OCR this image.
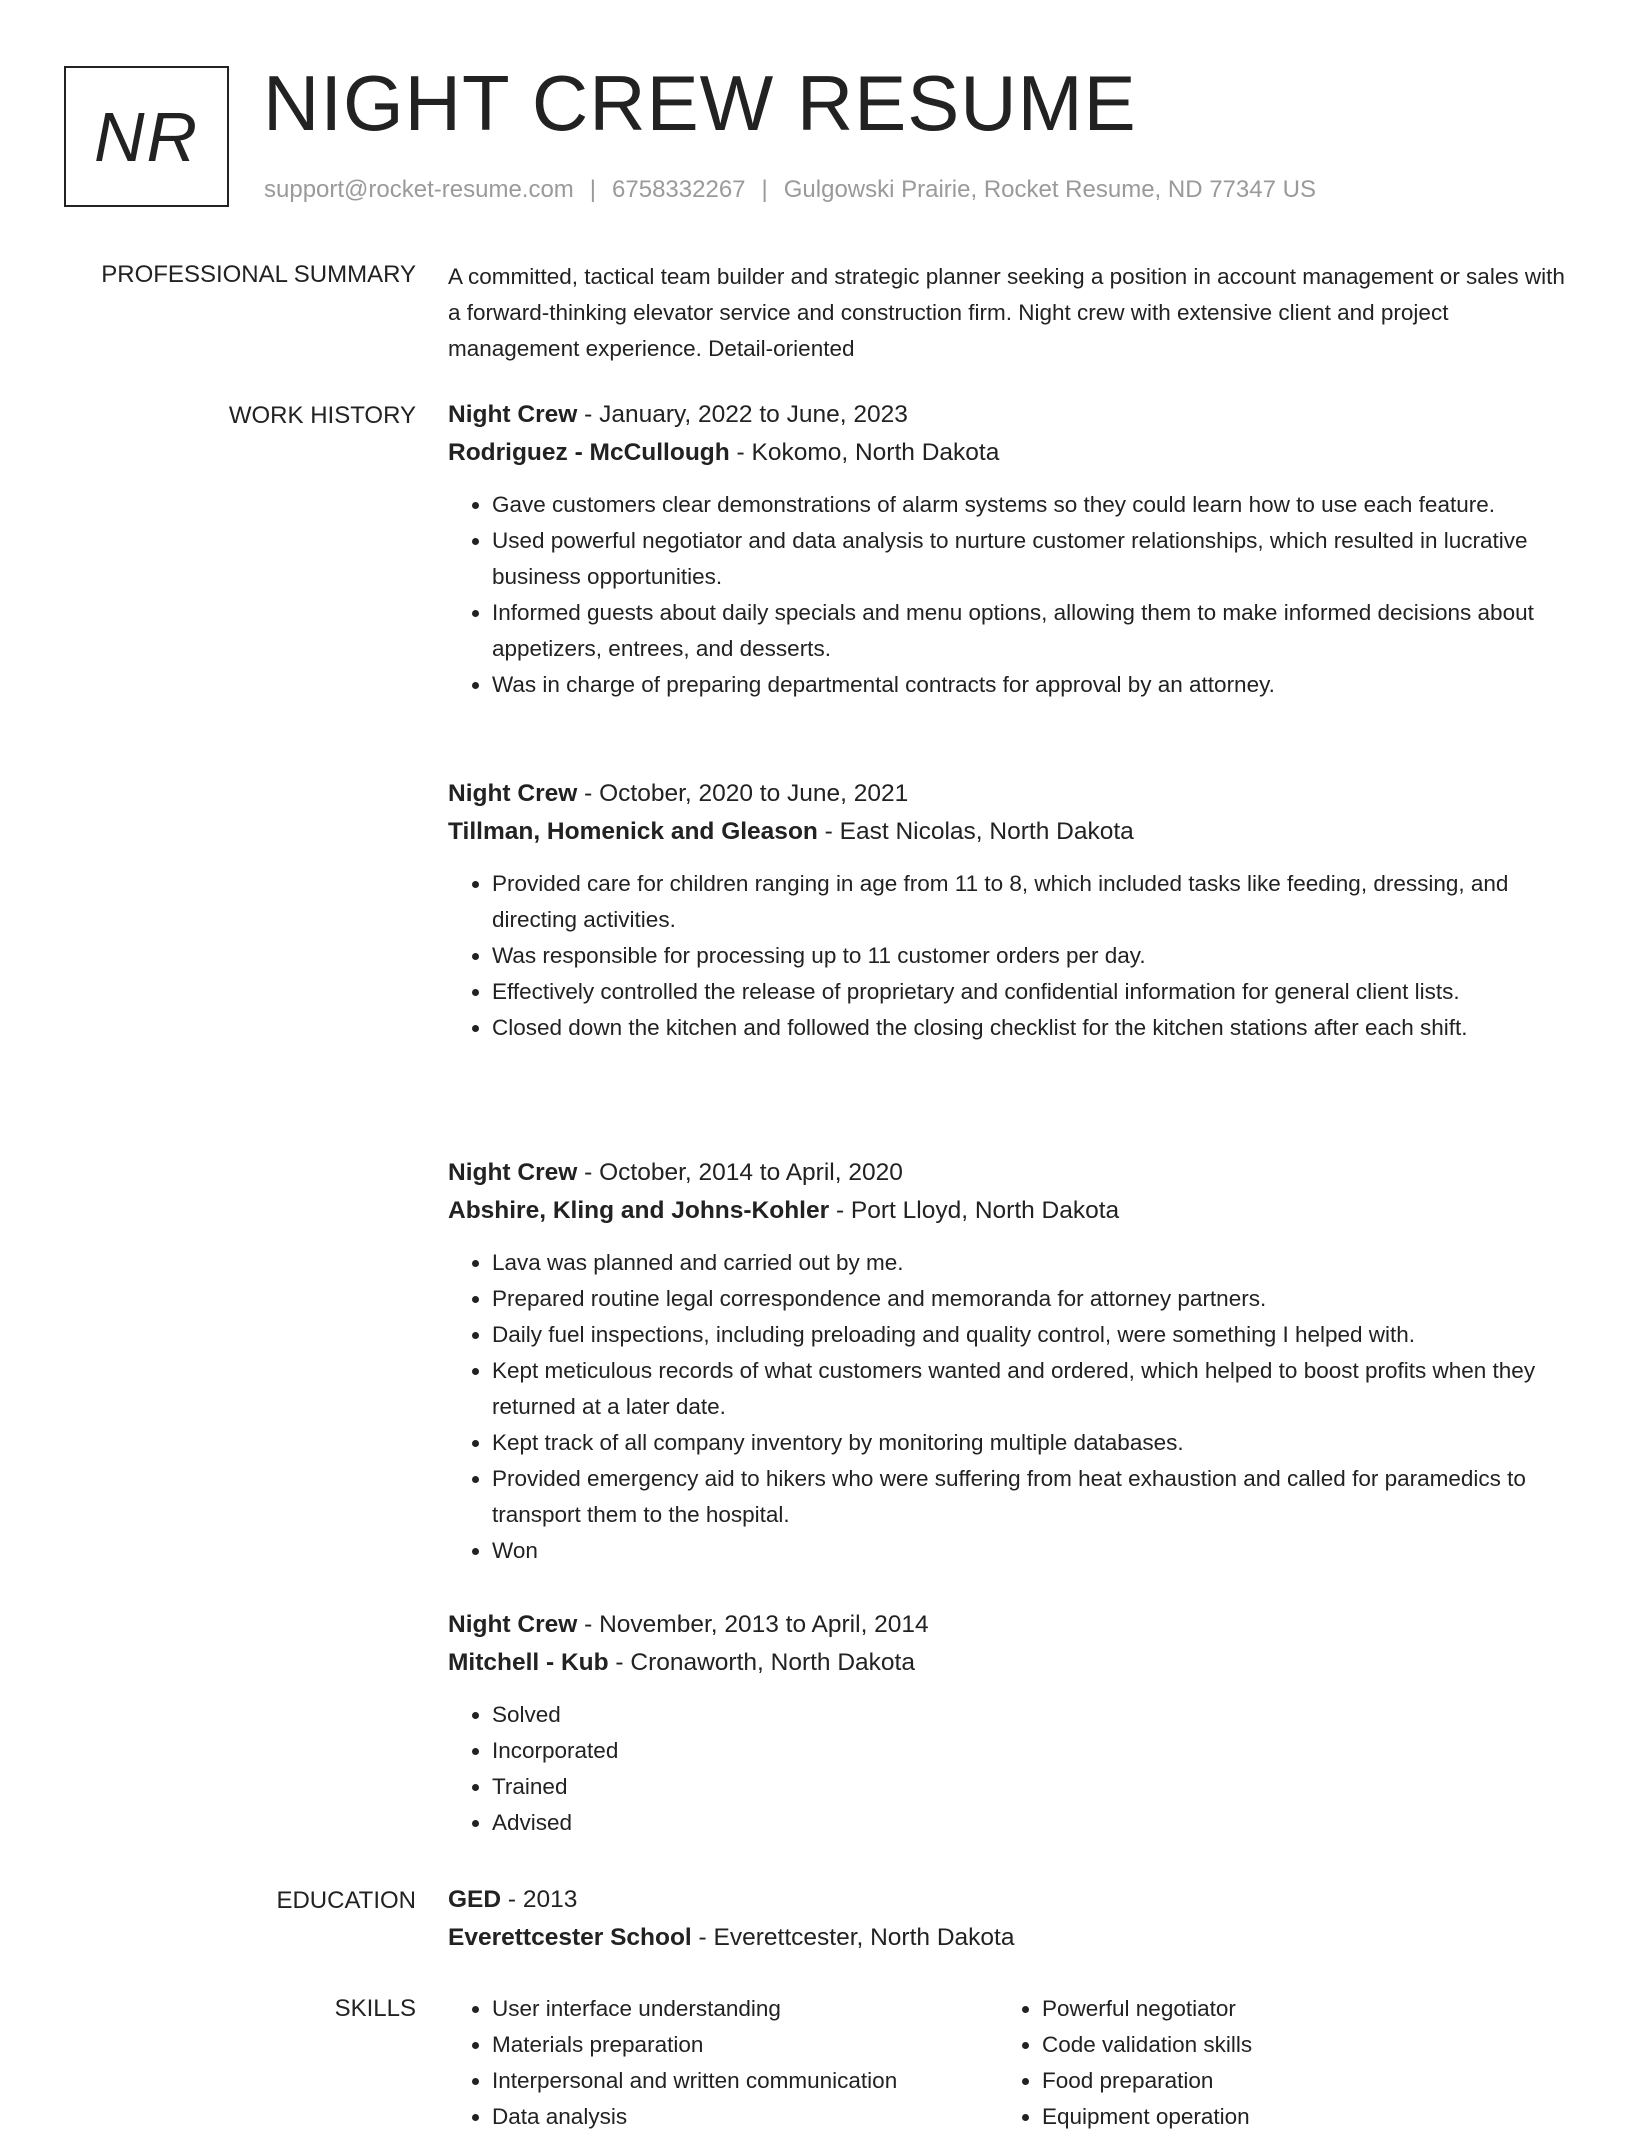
NR NIGHT CREW RESUME
support@rocket-resume.com | 6758332267 | Gulgowski Prairie, Rocket Resume, ND 77347 US
PROFESSIONAL SUMMARY A committed, tactical team builder and strategic planner seeking a position in account management or sales with a forward-thinking elevator service and construction firm. Night crew with extensive client and project management experience. Detail-oriented

WORK HISTORY Night Crew - January, 2022 to June, 2023
Rodriguez - McCullough - Kokomo, North Dakota
• Gave customers clear demonstrations of alarm systems so they could learn how to use each feature.
• Used powerful negotiator and data analysis to nurture customer relationships, which resulted in lucrative business opportunities.
• Informed guests about daily specials and menu options, allowing them to make informed decisions about appetizers, entrees, and desserts.
• Was in charge of preparing departmental contracts for approval by an attorney.
Night Crew - October, 2020 to June, 2021
Tillman, Homenick and Gleason - East Nicolas, North Dakota
• Provided care for children ranging in age from 11 to 8, which included tasks like feeding, dressing, and directing activities.
• Was responsible for processing up to 11 customer orders per day.
• Effectively controlled the release of proprietary and confidential information for general client lists.
• Closed down the kitchen and followed the closing checklist for the kitchen stations after each shift.
Night Crew - October, 2014 to April, 2020
Abshire, Kling and Johns-Kohler - Port Lloyd, North Dakota
• Lava was planned and carried out by me.
• Prepared routine legal correspondence and memoranda for attorney partners.
• Daily fuel inspections, including preloading and quality control, were something I helped with.
• Kept meticulous records of what customers wanted and ordered, which helped to boost profits when they returned at a later date.
• Kept track of all company inventory by monitoring multiple databases.
• Provided emergency aid to hikers who were suffering from heat exhaustion and called for paramedics to transport them to the hospital.
• Won
Night Crew - November, 2013 to April, 2014
Mitchell - Kub - Cronaworth, North Dakota
• Solved
• Incorporated
• Trained
• Advised
EDUCATION GED - 2013
Everettcester School - Everettcester, North Dakota
SKILLS
•	User interface understanding
• Materials preparation
• Interpersonal and written communication
• Data analysis
• Powerful negotiator
• Code validation skills
• Food preparation
• Equipment operation
